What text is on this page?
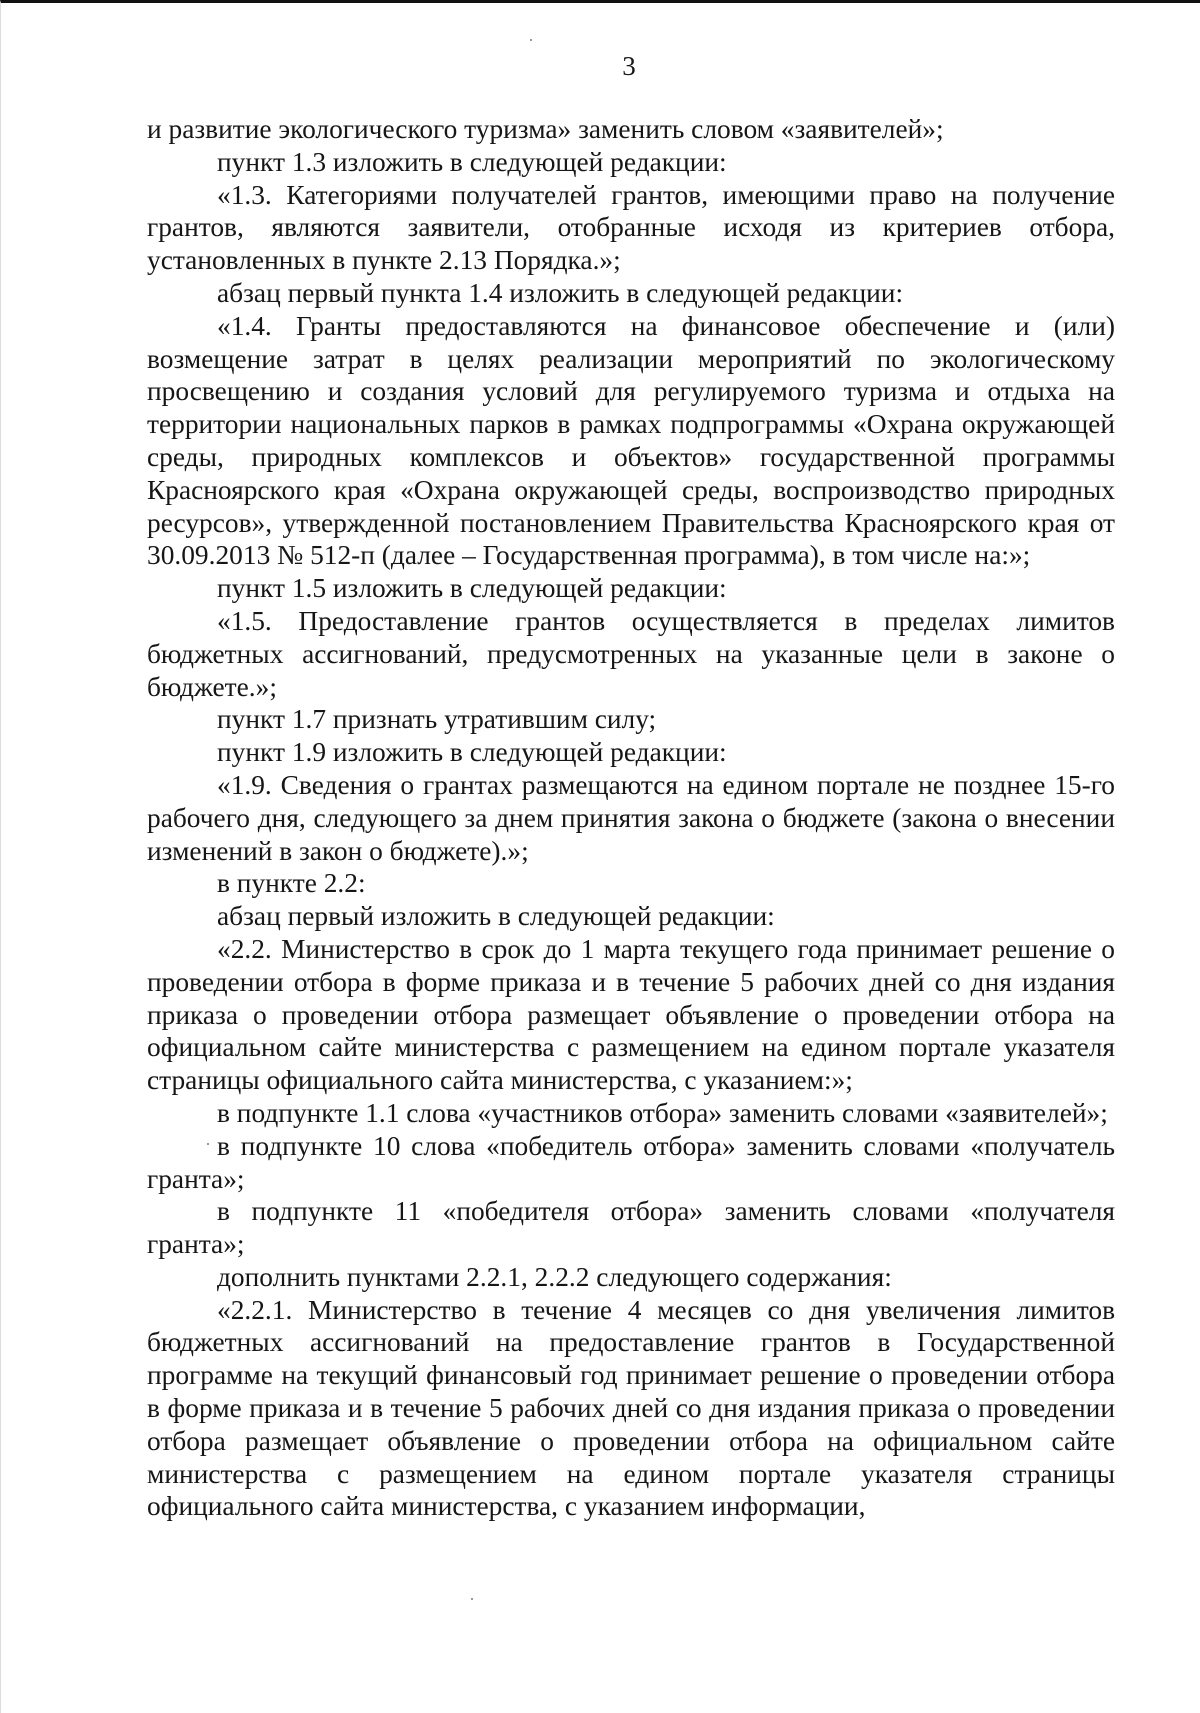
3

и развитие экологического туризма» заменить словом «заявителей»;

пункт 1.3 изложить в следующей редакции:

«1.3. Категориями получателей грантов, имеющими право на получение грантов, являются заявители, отобранные исходя из критериев отбора, установленных в пункте 2.13 Порядка.»;

абзац первый пункта 1.4 изложить в следующей редакции:

«1.4. Гранты предоставляются на финансовое обеспечение и (или) возмещение затрат в целях реализации мероприятий по экологическому просвещению и создания условий для регулируемого туризма и отдыха на территории национальных парков в рамках подпрограммы «Охрана окружающей среды, природных комплексов и объектов» государственной программы Красноярского края «Охрана окружающей среды, воспроизводство природных ресурсов», утвержденной постановлением Правительства Красноярского края от 30.09.2013 № 512-п (далее – Государственная программа), в том числе на:»;

пункт 1.5 изложить в следующей редакции:

«1.5. Предоставление грантов осуществляется в пределах лимитов бюджетных ассигнований, предусмотренных на указанные цели в законе о бюджете.»;

пункт 1.7 признать утратившим силу;

пункт 1.9 изложить в следующей редакции:

«1.9. Сведения о грантах размещаются на едином портале не позднее 15-го рабочего дня, следующего за днем принятия закона о бюджете (закона о внесении изменений в закон о бюджете).»;

в пункте 2.2:

абзац первый изложить в следующей редакции:

«2.2. Министерство в срок до 1 марта текущего года принимает решение о проведении отбора в форме приказа и в течение 5 рабочих дней со дня издания приказа о проведении отбора размещает объявление о проведении отбора на официальном сайте министерства с размещением на едином портале указателя страницы официального сайта министерства, с указанием:»;

в подпункте 1.1 слова «участников отбора» заменить словами «заявителей»;

в подпункте 10 слова «победитель отбора» заменить словами «получатель гранта»;

в подпункте 11 «победителя отбора» заменить словами «получателя гранта»;

дополнить пунктами 2.2.1, 2.2.2 следующего содержания:

«2.2.1. Министерство в течение 4 месяцев со дня увеличения лимитов бюджетных ассигнований на предоставление грантов в Государственной программе на текущий финансовый год принимает решение о проведении отбора в форме приказа и в течение 5 рабочих дней со дня издания приказа о проведении отбора размещает объявление о проведении отбора на официальном сайте министерства с размещением на едином портале указателя страницы официального сайта министерства, с указанием информации,
